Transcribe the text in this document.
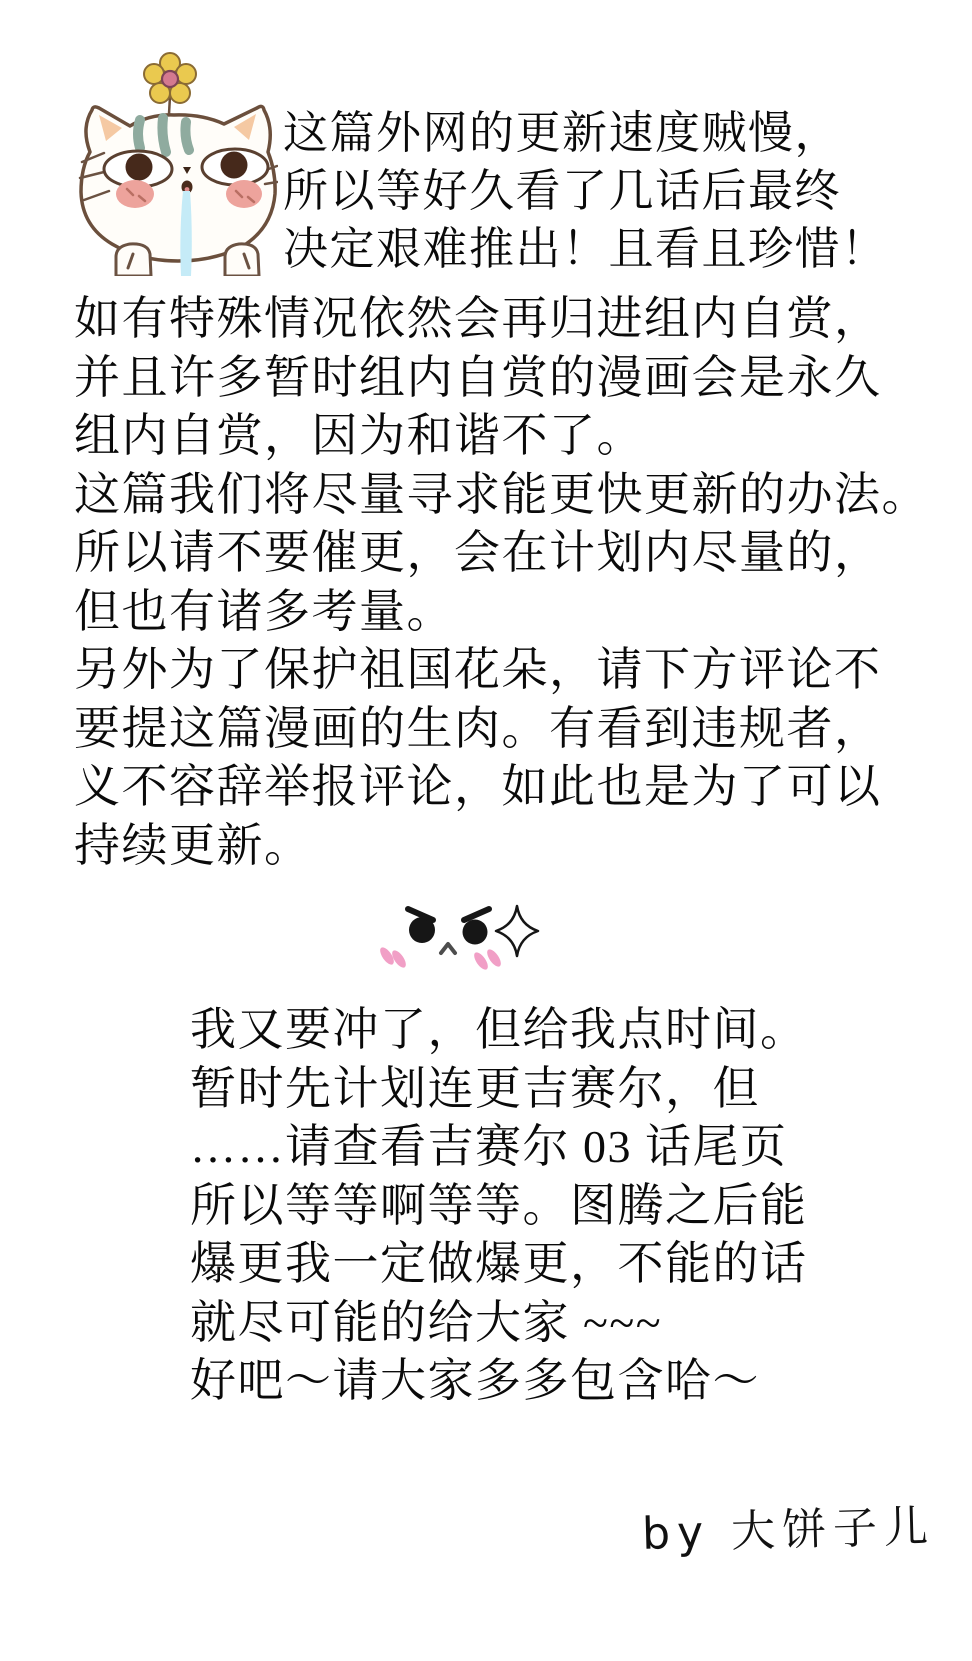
这篇外网的更新速度贼慢，
所以等好久看了几话后最终
决定艰难推出！且看且珍惜！
如有特殊情况依然会再归进组内自赏，
并且许多暂时组内自赏的漫画会是永久
组内自赏，因为和谐不了。
这篇我们将尽量寻求能更快更新的办法。
所以请不要催更，会在计划内尽量的，
但也有诸多考量。
另外为了保护祖国花朵，请下方评论不
要提这篇漫画的生肉。有看到违规者，
义不容辞举报评论，如此也是为了可以
持续更新。
我又要冲了，但给我点时间。
暂时先计划连更吉赛尔，但
……请查看吉赛尔 03 话尾页
所以等等啊等等。图腾之后能
爆更我一定做爆更，不能的话
就尽可能的给大家 ~~~
好吧～请大家多多包含哈～
by 大饼子儿
